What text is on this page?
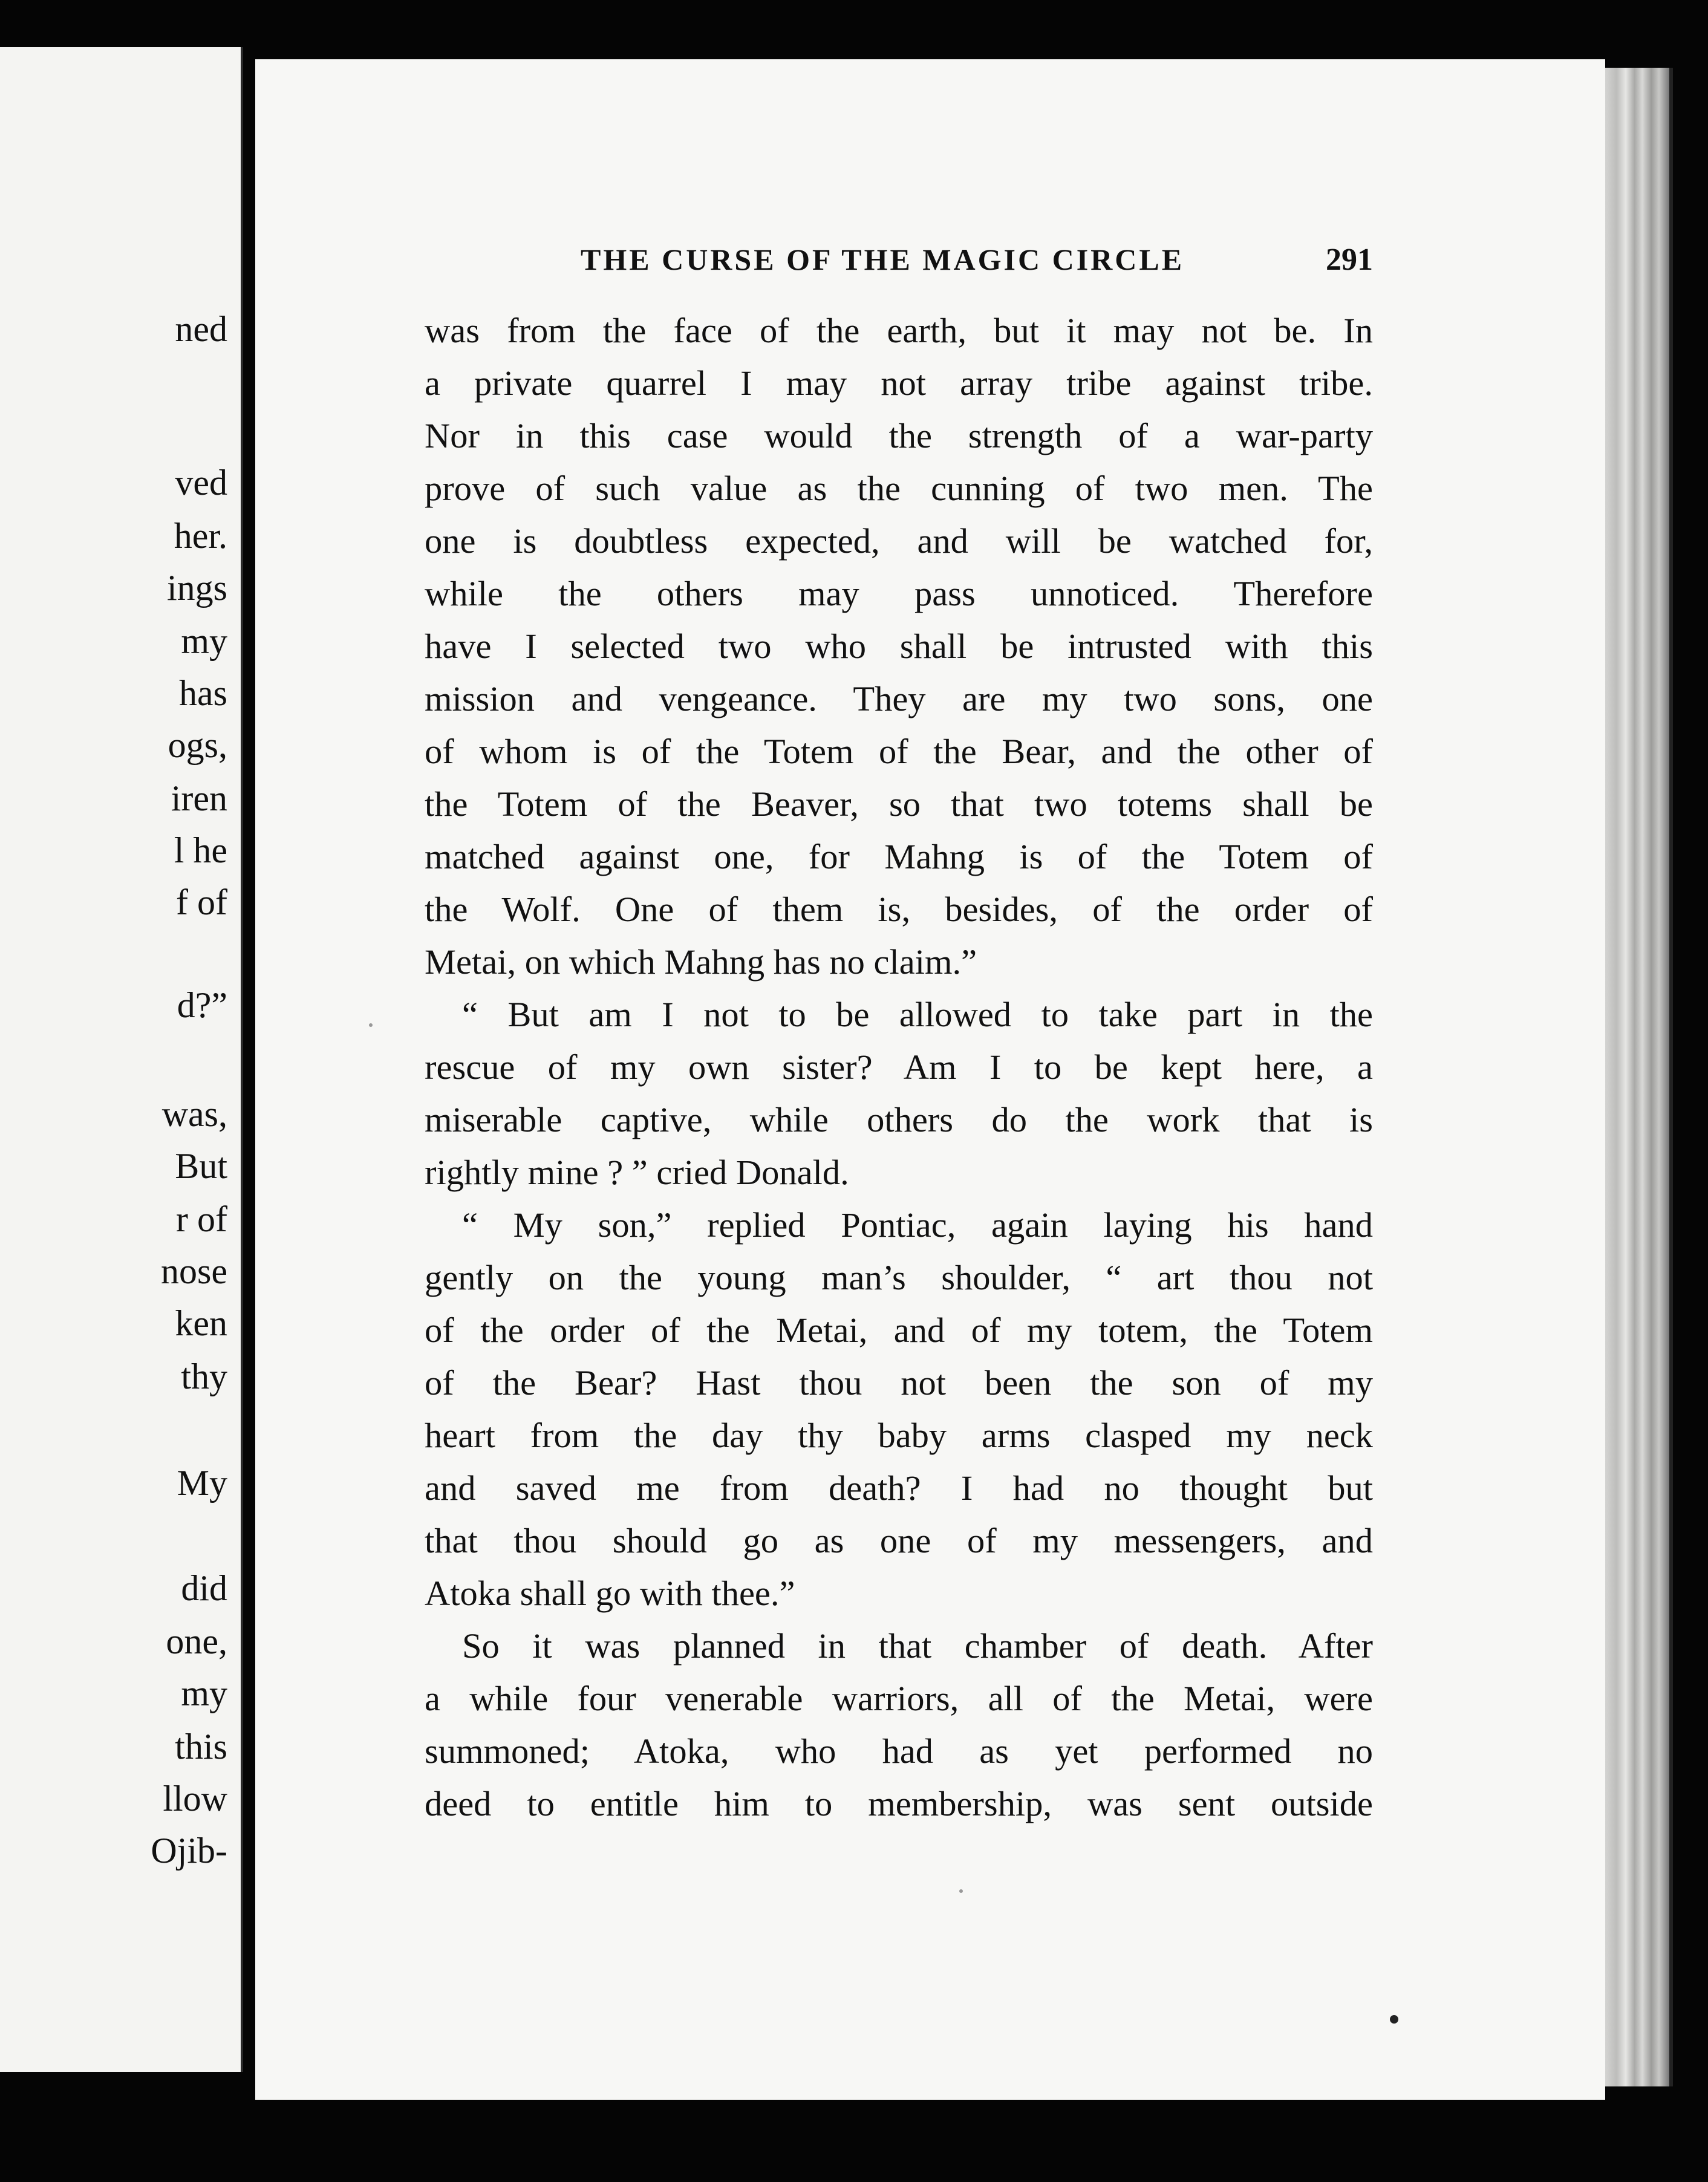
ned
ved
her.
ings
my
has
ogs,
iren
l he
f of
d?”
was,
But
r of
nose
ken
thy
My
did
one,
my
this
llow
Ojib-
THE CURSE OF THE MAGIC CIRCLE	291
was from the face of the earth, but it may not be. In
a private quarrel I may not array tribe against tribe.
Nor in this case would the strength of a war-party
prove of such value as the cunning of two men. The
one is doubtless expected, and will be watched for,
while the others may pass unnoticed. Therefore
have I selected two who shall be intrusted with this
mission and vengeance. They are my two sons, one
of whom is of the Totem of the Bear, and the other of
the Totem of the Beaver, so that two totems shall be
matched against one, for Mahng is of the Totem of
the Wolf. One of them is, besides, of the order of
Metai, on which Mahng has no claim.”
“ But am I not to be allowed to take part in the
rescue of my own sister? Am I to be kept here, a
miserable captive, while others do the work that is
rightly mine ? ” cried Donald.
“ My son,” replied Pontiac, again laying his hand
gently on the young man’s shoulder, “ art thou not
of the order of the Metai, and of my totem, the Totem
of the Bear? Hast thou not been the son of my
heart from the day thy baby arms clasped my neck
and saved me from death? I had no thought but
that thou should go as one of my messengers, and
Atoka shall go with thee.”
So it was planned in that chamber of death. After
a while four venerable warriors, all of the Metai, were
summoned; Atoka, who had as yet performed no
deed to entitle him to membership, was sent outside
